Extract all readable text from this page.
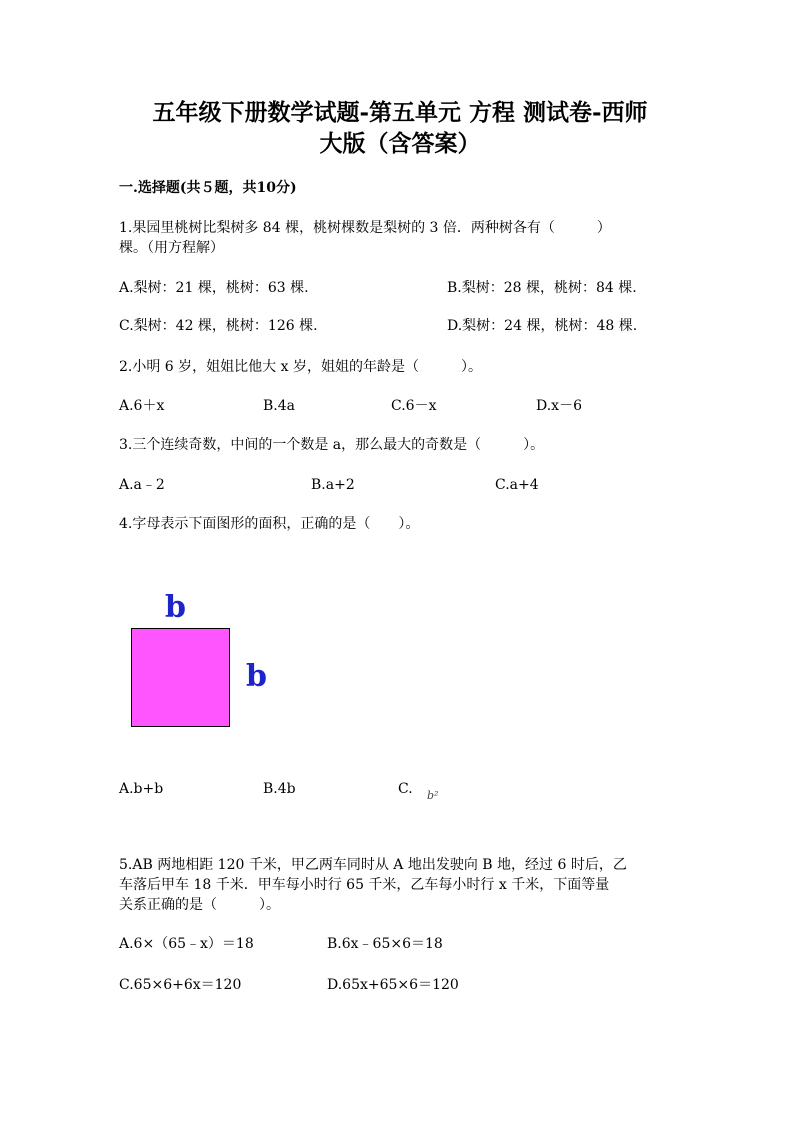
五年级下册数学试题-第五单元 方程 测试卷-西师
大版（含答案）
一.选择题(共５题，共10分)
1.果园里桃树比梨树多 84 棵，桃树棵数是梨树的 3 倍．两种树各有（　　　）
棵。（用方程解）
A.梨树：21 棵，桃树：63 棵.	B.梨树：28 棵，桃树：84 棵.
C.梨树：42 棵，桃树：126 棵.	D.梨树：24 棵，桃树：48 棵.
2.小明 6 岁，姐姐比他大 x 岁，姐姐的年龄是（　　　）。
A.6＋x	B.4a	C.6－x	D.x－6
3.三个连续奇数，中间的一个数是 a，那么最大的奇数是（　　　）。
A.a﹣2	B.a+2	C.a+4
4.字母表示下面图形的面积，正确的是（　　）。
b
b
A.b+b	B.4b	C. b²
5.AB 两地相距 120 千米，甲乙两车同时从 A 地出发驶向 B 地，经过 6 时后，乙
车落后甲车 18 千米．甲车每小时行 65 千米，乙车每小时行 x 千米，下面等量
关系正确的是（　　　）。
A.6×（65﹣x）＝18	B.6x﹣65×6＝18
C.65×6+6x＝120	D.65x+65×6＝120
